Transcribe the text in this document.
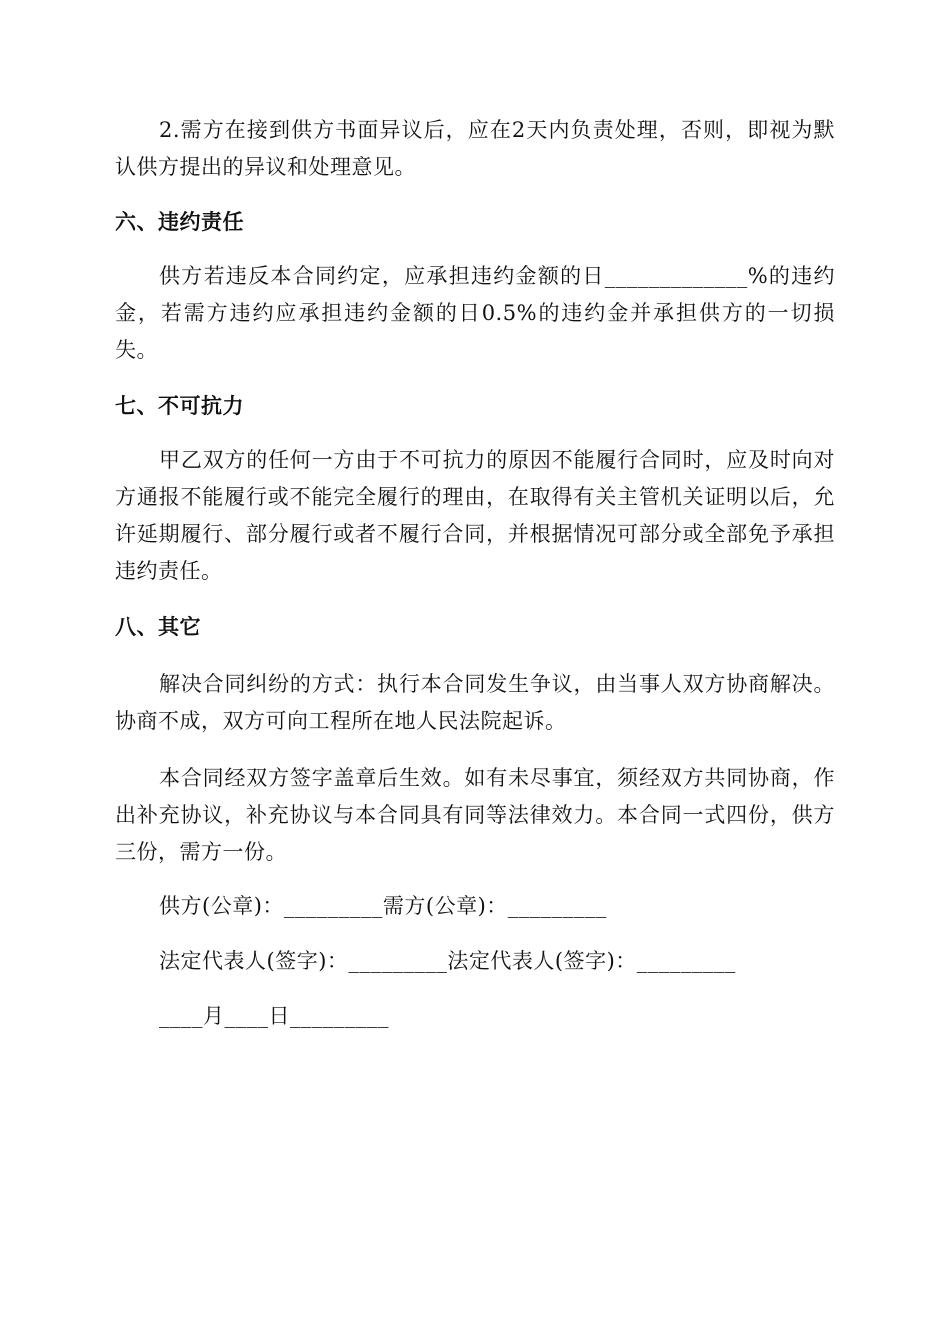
2.需方在接到供方书面异议后，应在2天内负责处理，否则，即视为默认供方提出的异议和处理意见。

六、违约责任

供方若违反本合同约定，应承担违约金额的日_____________%的违约金，若需方违约应承担违约金额的日0.5%的违约金并承担供方的一切损失。

七、不可抗力

甲乙双方的任何一方由于不可抗力的原因不能履行合同时，应及时向对方通报不能履行或不能完全履行的理由，在取得有关主管机关证明以后，允许延期履行、部分履行或者不履行合同，并根据情况可部分或全部免予承担违约责任。

八、其它

解决合同纠纷的方式：执行本合同发生争议，由当事人双方协商解决。协商不成，双方可向工程所在地人民法院起诉。

本合同经双方签字盖章后生效。如有未尽事宜，须经双方共同协商，作出补充协议，补充协议与本合同具有同等法律效力。本合同一式四份，供方三份，需方一份。

供方(公章)：_________需方(公章)：_________

法定代表人(签字)：_________法定代表人(签字)：_________

____月____日_________
